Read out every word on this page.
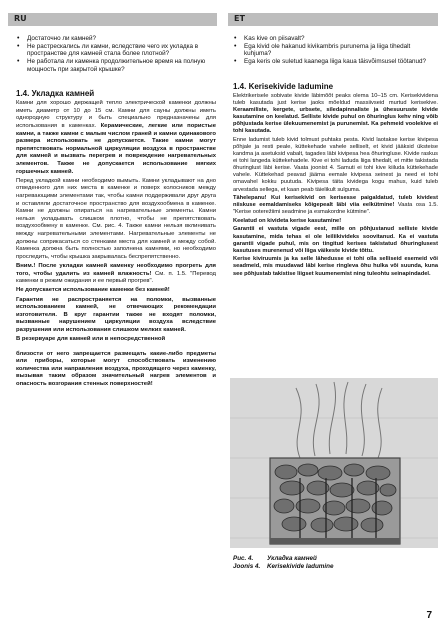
RU	ET
• Достаточно ли камней?
• Не растрескались ли камни, вследствие чего их укладка в пространстве для камней стала более плотной?
• Не работала ли каменка продолжительное время на полную мощность при закрытой крышке?
1.4. Укладка камней

Камни для хорошо держащей тепло электрической каменки должны иметь диаметр от 10 до 15 см. Камни для сауны должны иметь однородную структуру и быть специально предназначены для использования в каменках. Керамические, легкие или пористые камни, а также камни с малым числом граней и камни одинакового размера использовать не допускается. Такие камни могут препятствовать нормальной циркуляции воздуха в пространстве для камней и вызвать перегрев и повреждение нагревательных элементов. Также не допускается использование мягких горшечных камней.

Перед укладкой камни необходимо вымыть. Камни укладывают на дно отведенного для них места в каменке и поверх колосников между нагревающими элементами так, чтобы камни поддерживали друг друга и оставляли достаточное пространство для воздухообмена в каменке. Камни не должны опираться на нагревательные элементы. Камни нельзя укладывать слишком плотно, чтобы не препятствовать воздухообмену в каменке. См. рис. 4. Также камни нельзя вклинивать между нагревательными элементами. Нагревательные элементы не должны соприкасаться со стенками места для камней и между собой. Каменка должна быть полностью заполнена камнями, но необходимо проследить, чтобы крышка закрывалась беспрепятственно.

Вним.! После укладки камней каменку необходимо прогреть для того, чтобы удалить из камней влажность! См. п. 1.5. "Перевод каменки в режим ожидания и ее первый прогрев".

Не допускается использование каменки без камней!

Гарантия не распространяется на поломки, вызванные использованием камней, не отвечающих рекомендации изготовителя. В круг гарантии также не входят поломки, вызванные нарушением циркуляции воздуха вследствие разрушения или использования слишком мелких камней.

В резервуаре для камней или в непосредственной

близости от него запрещается размещать какие-либо предметы или приборы, которые могут способствовать изменению количества или направления воздуха, проходящего через каменку, вызывая таким образом значительный нагрев элементов и опасность возгорания стенных поверхностей!

• Kas kive on piisavalt?
• Ega kivid ole hakanud kivikambris purunema ja liiga tihedalt kuhjuma?
• Ega keris ole suletud kaanega liiga kaua täisvõimsusel töötanud?
1.4. Kerisekivide ladumine

Elektrikerisele sobivate kivide läbimõõt peaks olema 10–15 cm. Kerisekividena tuleb kasutada just kerise jaoks mõeldud massiivseid murtud kerisekive. Keraamiliste, kergete, urbsete, siledapinnaliste ja ühesuuruste kivide kasutamine on keelatud. Selliste kivide puhul on õhuringlus kehv ning võib põhjustada kerise ülekuumenemist ja purunemist. Ka pehmeid voolekive ei tohi kasutada.

Enne ladumist tuleb kivid tolmust puhtaks pesta. Kivid laotakse kerise kivipesa põhjale ja resti peale, küttekehade vahele selliselt, et kivid jääksid üksteise kandma ja asetuksid vabalt, tagades läbi kivipesa hea õhuringluse. Kivide raskus ei tohi langeda küttekehadele. Kive ei tohi laduda liiga tihedalt, et mitte takistada õhuringlust läbi kerise. Vaata joonist 4. Samuti ei tohi kive kiiluda küttekehade vahele. Küttekehad peavad jääma eemale kivipesa seinest ja need ei tohi omavahel kokku puutuda. Kivipesa täita kividega kogu mahus, kuid tuleb arvestada sellega, et kaan peab täielikult sulguma.

Tähelepanu! Kui kerisekivid on kerisesse paigaldatud, tuleb kividest niiskuse eemaldamiseks kõigepealt läbi viia eelkütmine! Vaata osa 1.5. "Kerise ooterežiimi seadmine ja esmakordne kütmine".

Keelatud on kivideta kerise kasutamine!

Garantii ei vastuta vigade eest, mille on põhjustanud selliste kivide kasutamine, mida tehas ei ole leiliikivideks soovitanud. Ka ei vastuta garantii vigade puhul, mis on tingitud kerises takistatud õhuringlusest kasutuses murenenud või liiga väikeste kivide tõttu.

Kerise kiviruumis ja ka selle lähedusse ei tohi olla selliseid esemeid või seadmeid, mis muudavad läbi kerise ringleva õhu hulka või suunda, kuna see põhjustab takistise liigset kuumenemist ning tuleohtu seinapindadel.

Рис. 4. Укладка камней
Joonis 4. Kerisekivide ladumine
7
